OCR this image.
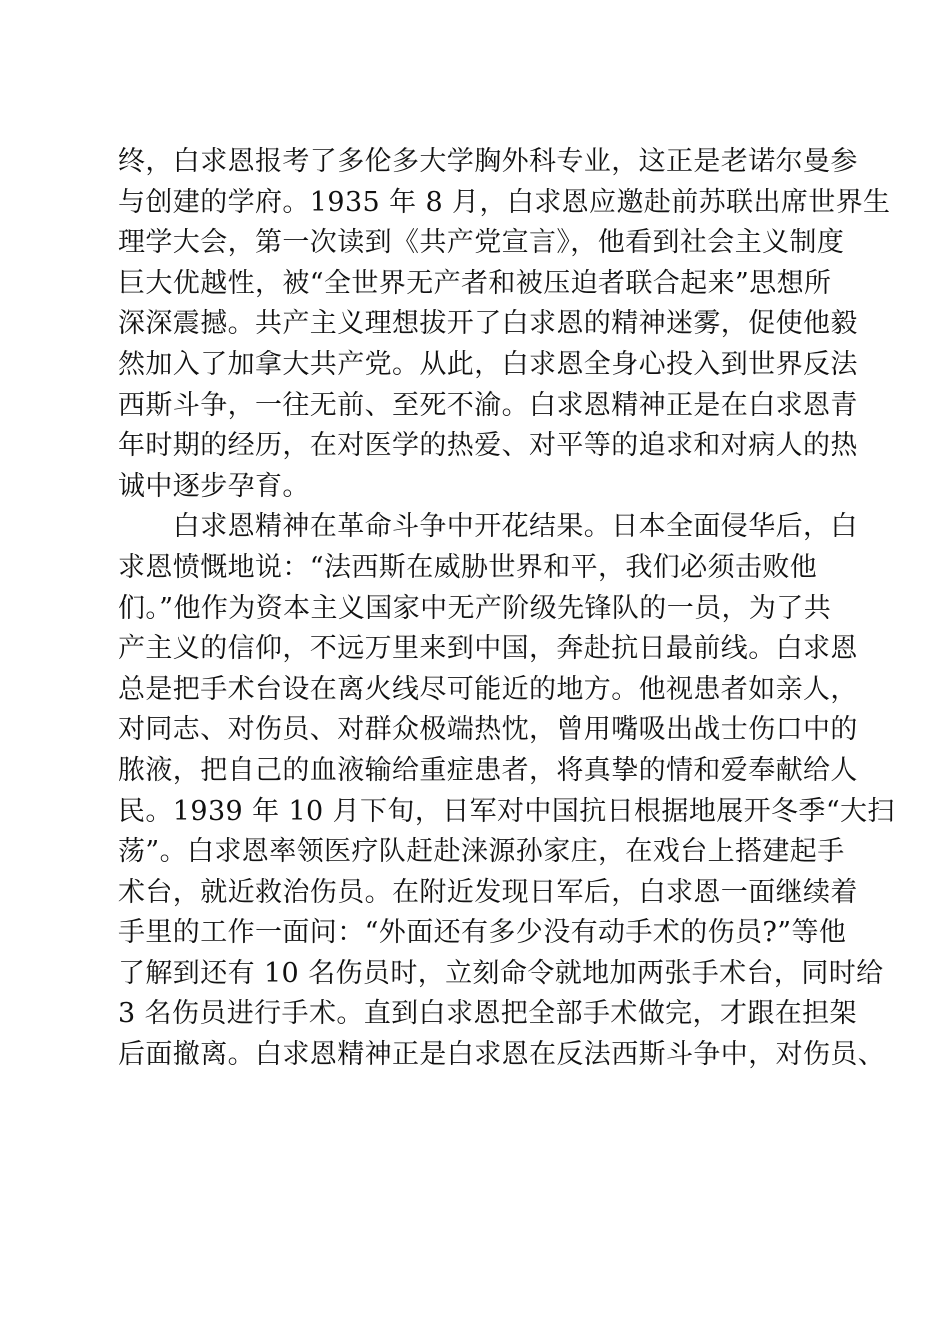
终，白求恩报考了多伦多大学胸外科专业，这正是老诺尔曼参
与创建的学府。1935 年 8 月，白求恩应邀赴前苏联出席世界生
理学大会，第一次读到《共产党宣言》，他看到社会主义制度
巨大优越性，被“全世界无产者和被压迫者联合起来”思想所
深深震撼。共产主义理想拔开了白求恩的精神迷雾，促使他毅
然加入了加拿大共产党。从此，白求恩全身心投入到世界反法
西斯斗争，一往无前、至死不渝。白求恩精神正是在白求恩青
年时期的经历，在对医学的热爱、对平等的追求和对病人的热
诚中逐步孕育。
　　白求恩精神在革命斗争中开花结果。日本全面侵华后，白
求恩愤慨地说：“法西斯在威胁世界和平，我们必须击败他
们。”他作为资本主义国家中无产阶级先锋队的一员，为了共
产主义的信仰，不远万里来到中国，奔赴抗日最前线。白求恩
总是把手术台设在离火线尽可能近的地方。他视患者如亲人，
对同志、对伤员、对群众极端热忱，曾用嘴吸出战士伤口中的
脓液，把自己的血液输给重症患者，将真挚的情和爱奉献给人
民。1939 年 10 月下旬，日军对中国抗日根据地展开冬季“大扫
荡”。白求恩率领医疗队赶赴涞源孙家庄，在戏台上搭建起手
术台，就近救治伤员。在附近发现日军后，白求恩一面继续着
手里的工作一面问：“外面还有多少没有动手术的伤员?”等他
了解到还有 10 名伤员时，立刻命令就地加两张手术台，同时给
3 名伤员进行手术。直到白求恩把全部手术做完，才跟在担架
后面撤离。白求恩精神正是白求恩在反法西斯斗争中，对伤员、
